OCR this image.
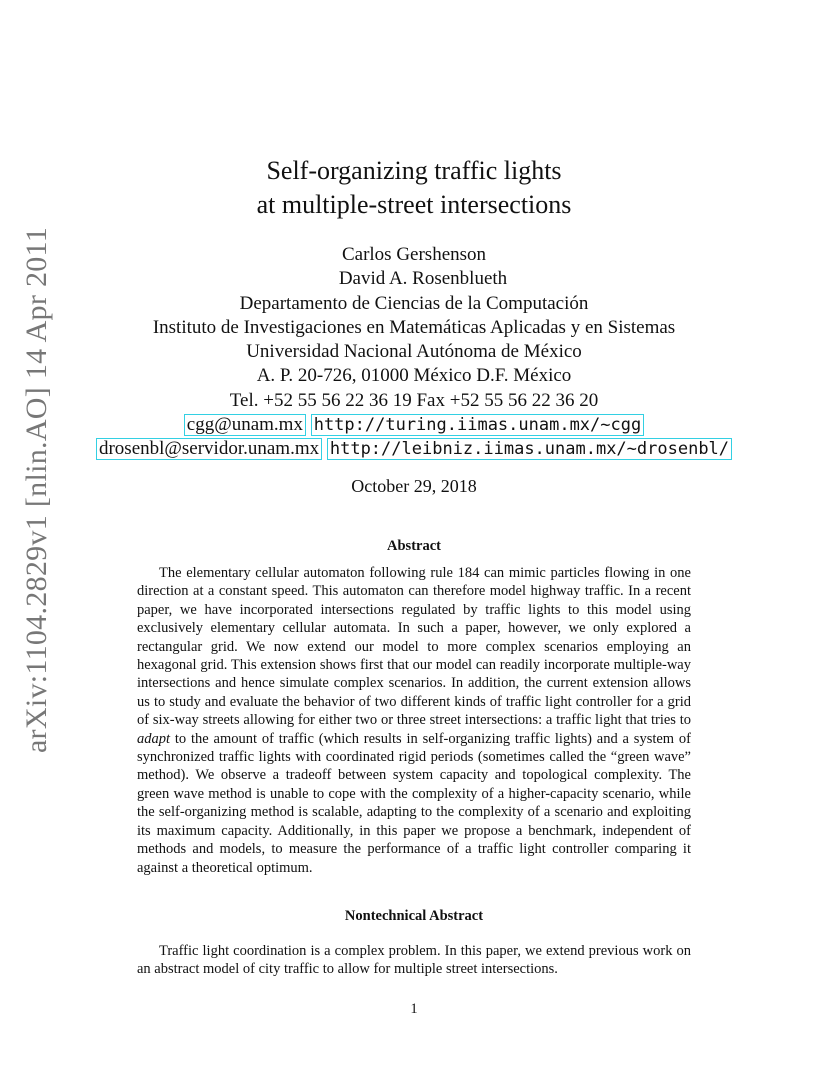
arXiv:1104.2829v1 [nlin.AO] 14 Apr 2011
Self-organizing traffic lights
at multiple-street intersections
Carlos Gershenson
David A. Rosenblueth
Departamento de Ciencias de la Computación
Instituto de Investigaciones en Matemáticas Aplicadas y en Sistemas
Universidad Nacional Autónoma de México
A. P. 20-726, 01000 México D.F. México
Tel. +52 55 56 22 36 19 Fax +52 55 56 22 36 20
cgg@unam.mx http://turing.iimas.unam.mx/~cgg
drosenbl@servidor.unam.mx http://leibniz.iimas.unam.mx/~drosenbl/
October 29, 2018
Abstract

The elementary cellular automaton following rule 184 can mimic particles flowing in one direction at a constant speed. This automaton can therefore model highway traffic. In a recent paper, we have incorporated intersections regulated by traffic lights to this model using exclusively elementary cellular automata. In such a paper, however, we only explored a rectangular grid. We now extend our model to more complex scenarios employing an hexagonal grid. This extension shows first that our model can readily incorporate multiple-way intersections and hence simulate complex scenarios. In addition, the current extension allows us to study and evaluate the behavior of two different kinds of traffic light controller for a grid of six-way streets allowing for either two or three street intersections: a traffic light that tries to adapt to the amount of traffic (which results in self-organizing traffic lights) and a system of synchronized traffic lights with coordinated rigid periods (sometimes called the “green wave” method). We observe a tradeoff between system capacity and topological complexity. The green wave method is unable to cope with the complexity of a higher-capacity scenario, while the self-organizing method is scalable, adapting to the complexity of a scenario and exploiting its maximum capacity. Additionally, in this paper we propose a benchmark, independent of methods and models, to measure the performance of a traffic light controller comparing it against a theoretical optimum.

Nontechnical Abstract

Traffic light coordination is a complex problem. In this paper, we extend previous work on an abstract model of city traffic to allow for multiple street intersections.

1
